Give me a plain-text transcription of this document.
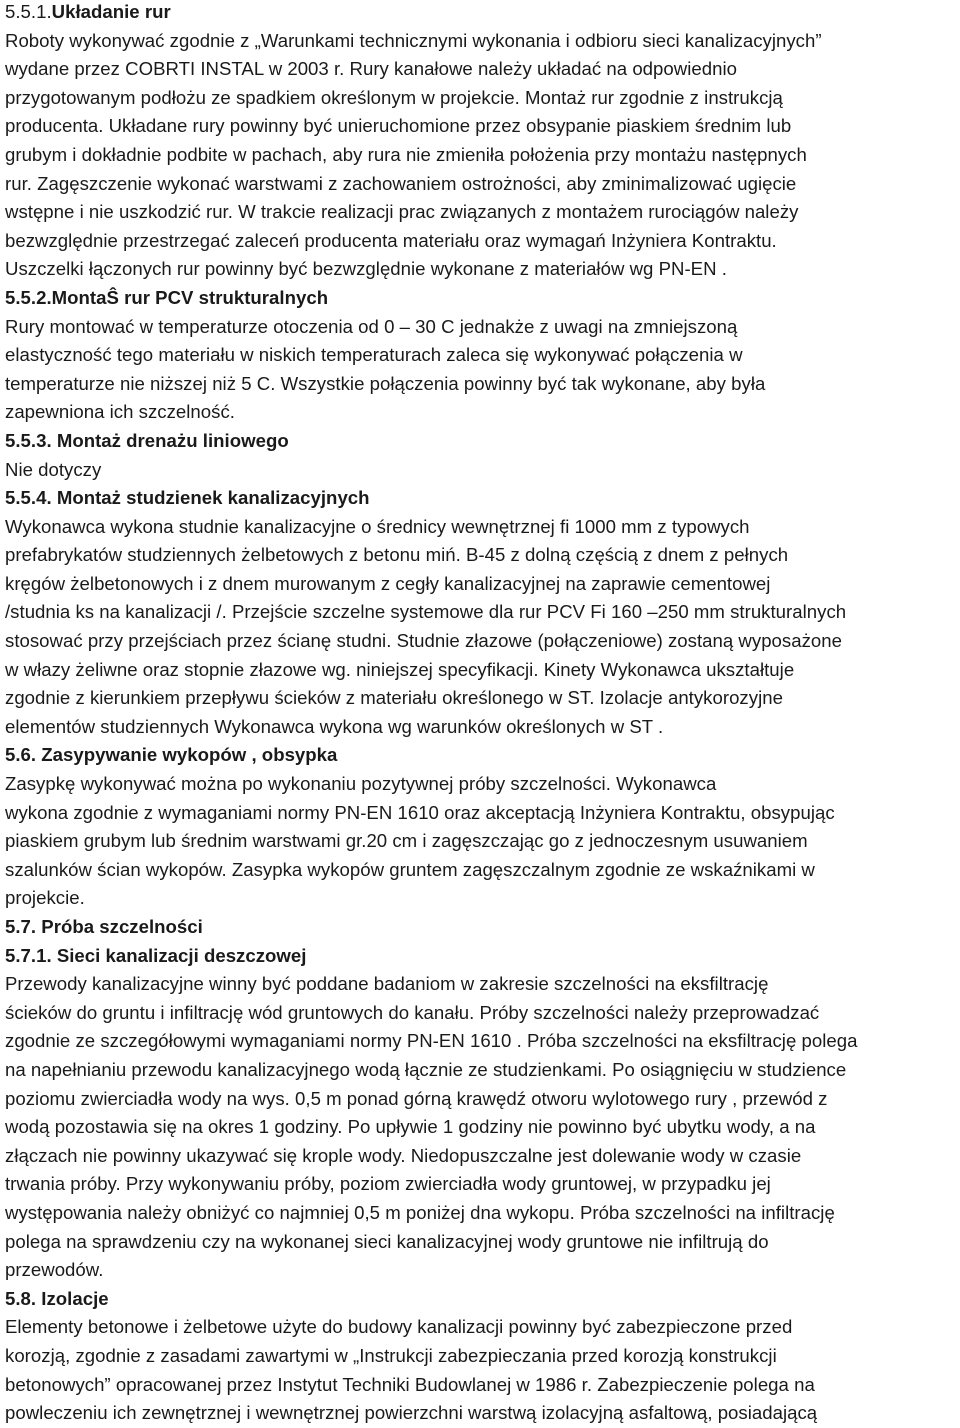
5.5.1.Układanie rur
Roboty wykonywać zgodnie z „Warunkami technicznymi wykonania i odbioru sieci kanalizacyjnych”
wydane przez COBRTI INSTAL w 2003 r. Rury kanałowe należy układać na odpowiednio
przygotowanym podłożu ze spadkiem określonym w projekcie. Montaż rur zgodnie z instrukcją
producenta. Układane rury powinny być unieruchomione przez obsypanie piaskiem średnim lub
grubym i dokładnie podbite w pachach, aby rura nie zmieniła położenia przy montażu następnych
rur. Zagęszczenie wykonać warstwami z zachowaniem ostrożności, aby zminimalizować ugięcie
wstępne i nie uszkodzić rur. W trakcie realizacji prac związanych z montażem rurociągów należy
bezwzględnie przestrzegać zaleceń producenta materiału oraz wymagań Inżyniera Kontraktu.
Uszczelki łączonych rur powinny być bezwzględnie wykonane z materiałów wg PN-EN .
5.5.2.MontaŜ rur PCV strukturalnych
Rury montować w temperaturze otoczenia od 0 – 30 C jednakże z uwagi na zmniejszoną
elastyczność tego materiału w niskich temperaturach zaleca się wykonywać połączenia w
temperaturze nie niższej niż 5 C. Wszystkie połączenia powinny być tak wykonane, aby była
zapewniona ich szczelność.
5.5.3. Montaż drenażu liniowego
Nie dotyczy
5.5.4. Montaż studzienek kanalizacyjnych
Wykonawca wykona studnie kanalizacyjne o średnicy wewnętrznej fi 1000 mm z typowych
prefabrykatów studziennych żelbetowych z betonu miń. B-45 z dolną częścią z dnem z pełnych
kręgów żelbetonowych i z dnem murowanym z cegły kanalizacyjnej na zaprawie cementowej
/studnia ks na kanalizacji /. Przejście szczelne systemowe dla rur PCV Fi 160 –250 mm strukturalnych
stosować przy przejściach przez ścianę studni. Studnie złazowe (połączeniowe) zostaną wyposażone
w włazy żeliwne oraz stopnie złazowe wg. niniejszej specyfikacji. Kinety Wykonawca ukształtuje
zgodnie z kierunkiem przepływu ścieków z materiału określonego w ST. Izolacje antykorozyjne
elementów studziennych Wykonawca wykona wg warunków określonych w ST .
5.6. Zasypywanie wykopów , obsypka
Zasypkę wykonywać można po wykonaniu pozytywnej próby szczelności. Wykonawca
wykona zgodnie z wymaganiami normy PN-EN 1610 oraz akceptacją Inżyniera Kontraktu, obsypując
piaskiem grubym lub średnim warstwami gr.20 cm i zagęszczając go z jednoczesnym usuwaniem
szalunków ścian wykopów. Zasypka wykopów gruntem zagęszczalnym zgodnie ze wskaźnikami w
projekcie.
5.7. Próba szczelności
5.7.1. Sieci kanalizacji deszczowej
Przewody kanalizacyjne winny być poddane badaniom w zakresie szczelności na eksfiltrację
ścieków do gruntu i infiltrację wód gruntowych do kanału. Próby szczelności należy przeprowadzać
zgodnie ze szczegółowymi wymaganiami normy PN-EN 1610 . Próba szczelności na eksfiltrację polega
na napełnianiu przewodu kanalizacyjnego wodą łącznie ze studzienkami. Po osiągnięciu w studzience
poziomu zwierciadła wody na wys. 0,5 m ponad górną krawędź otworu wylotowego rury , przewód z
wodą pozostawia się na okres 1 godziny. Po upływie 1 godziny nie powinno być ubytku wody, a na
złączach nie powinny ukazywać się krople wody. Niedopuszczalne jest dolewanie wody w czasie
trwania próby. Przy wykonywaniu próby, poziom zwierciadła wody gruntowej, w przypadku jej
występowania należy obniżyć co najmniej 0,5 m poniżej dna wykopu. Próba szczelności na infiltrację
polega na sprawdzeniu czy na wykonanej sieci kanalizacyjnej wody gruntowe nie infiltrują do
przewodów.
5.8. Izolacje
Elementy betonowe i żelbetowe użyte do budowy kanalizacji powinny być zabezpieczone przed
korozją, zgodnie z zasadami zawartymi w „Instrukcji zabezpieczania przed korozją konstrukcji
betonowych” opracowanej przez Instytut Techniki Budowlanej w 1986 r. Zabezpieczenie polega na
powleczeniu ich zewnętrznej i wewnętrznej powierzchni warstwą izolacyjną asfaltową, posiadającą
